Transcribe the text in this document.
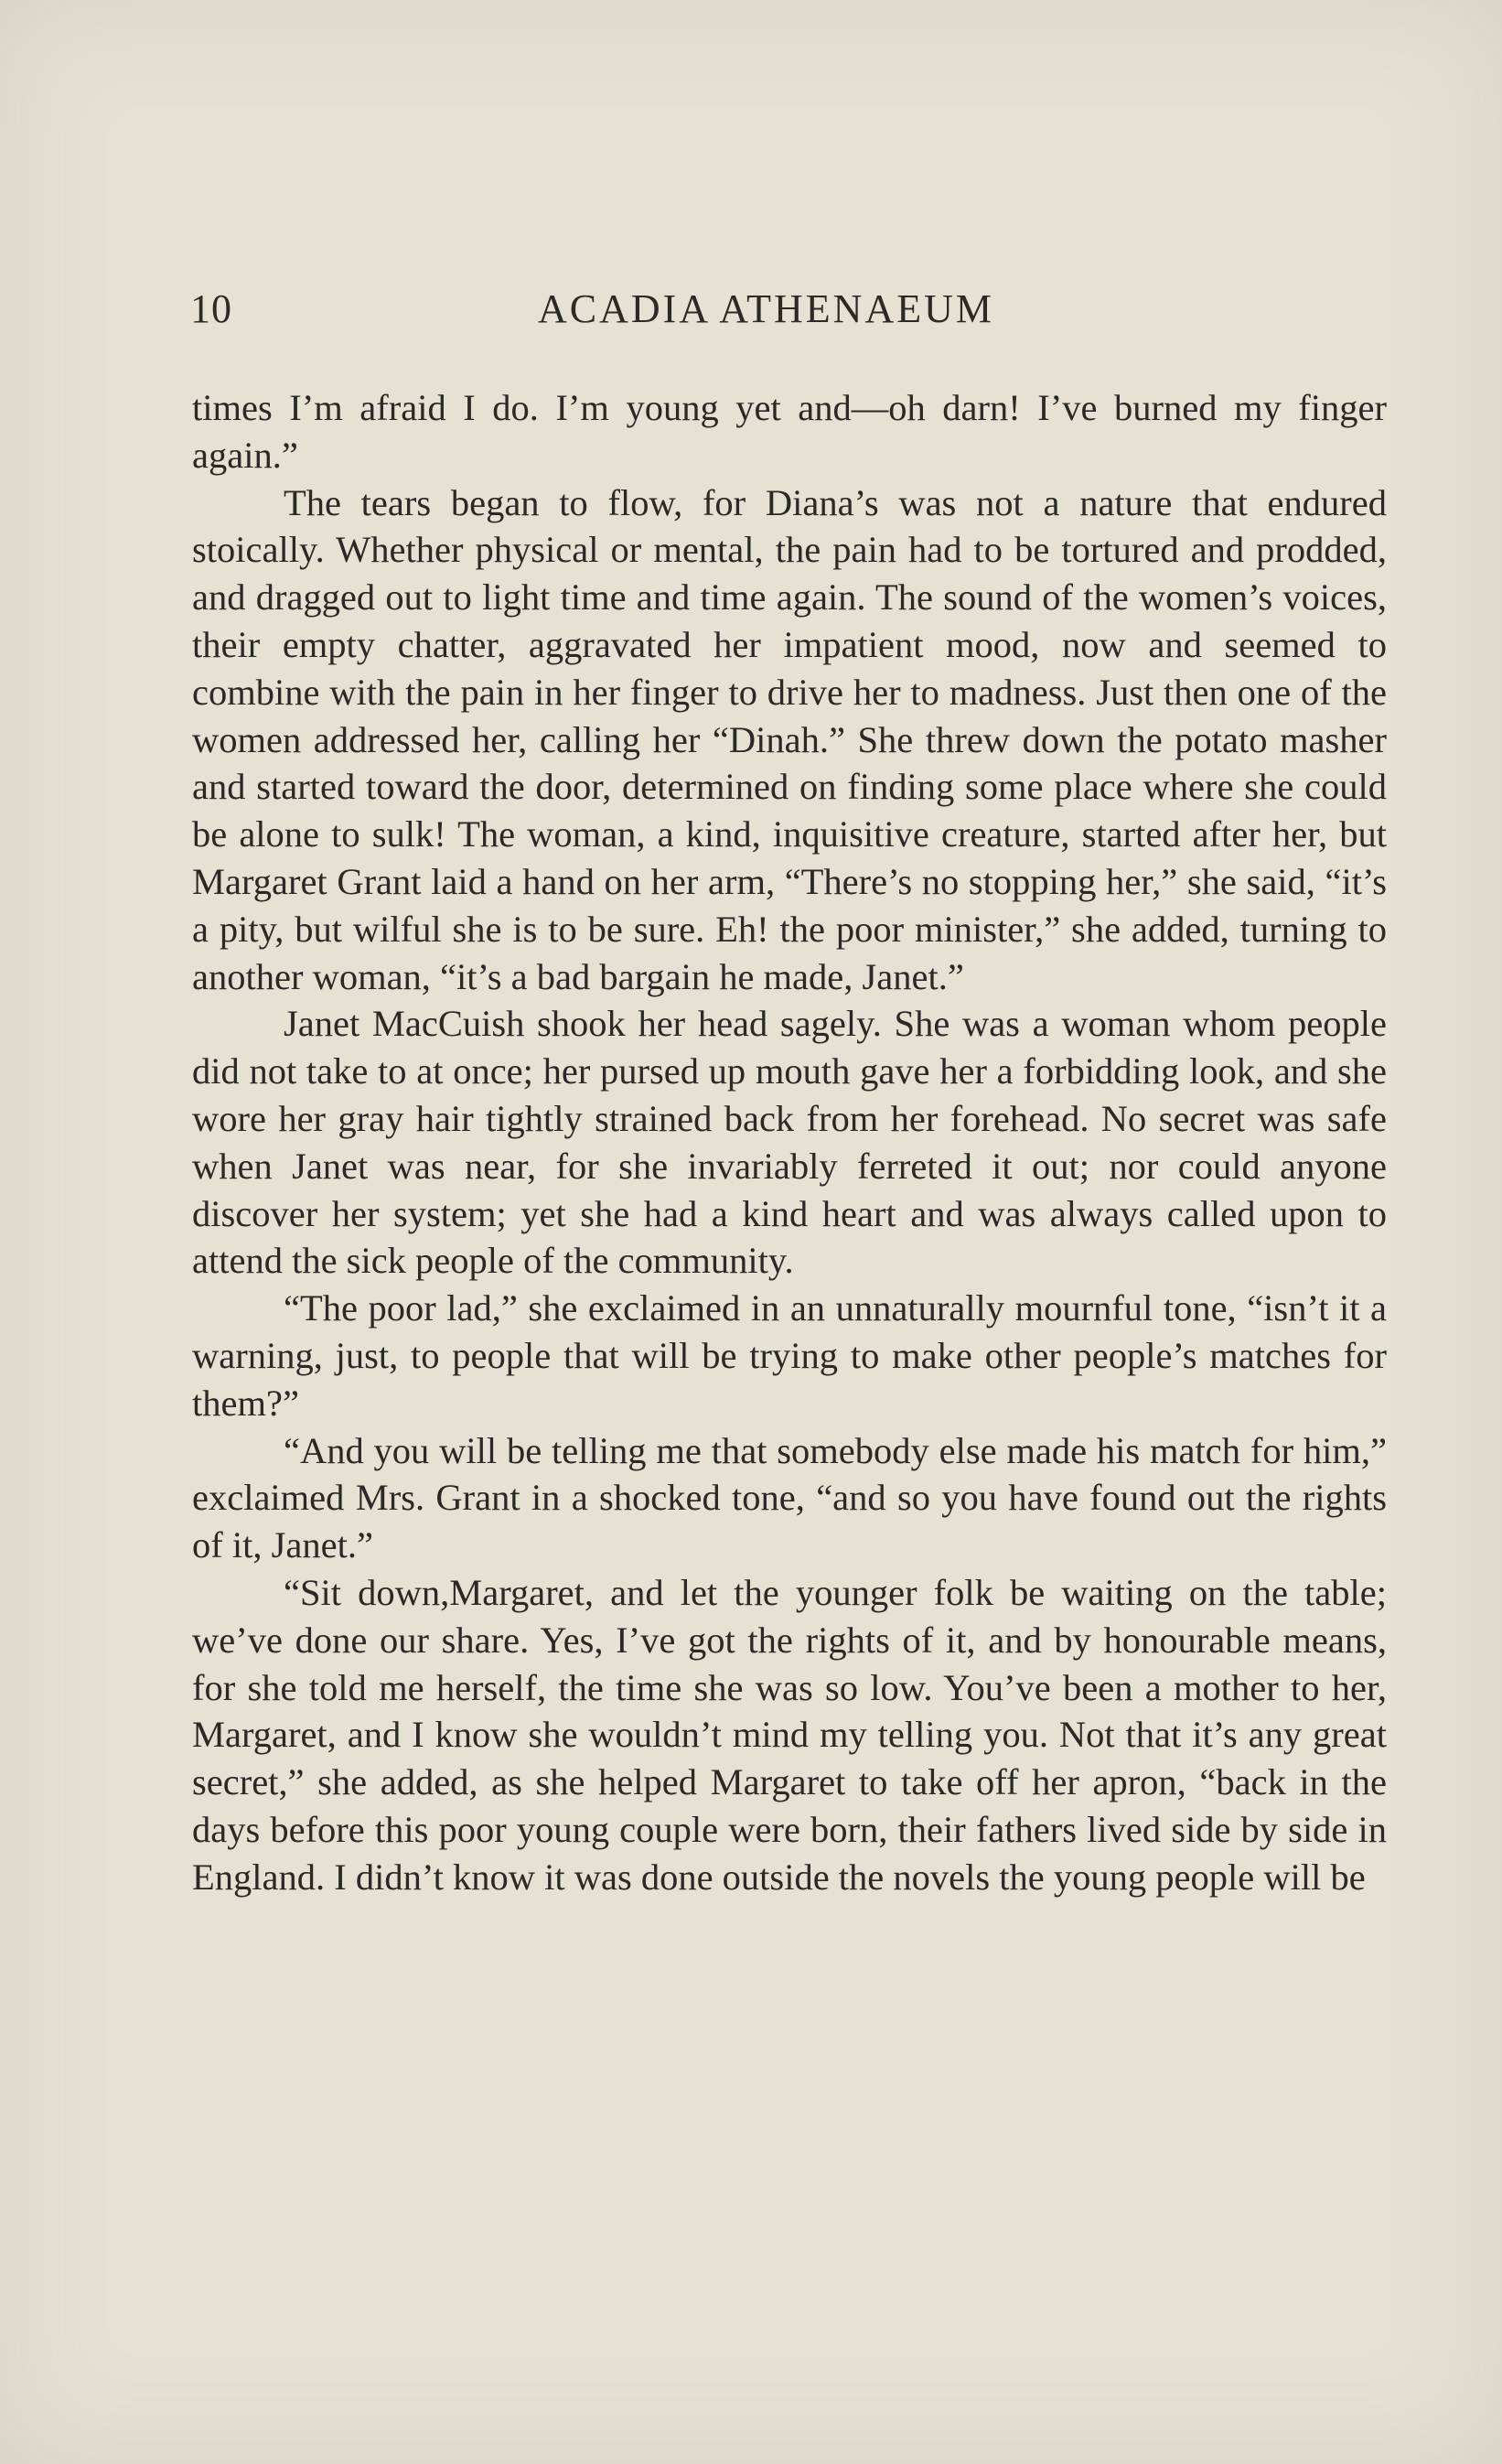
10	ACADIA ATHENAEUM

times I’m afraid I do. I’m young yet and—oh darn! I’ve burned my finger again.”

The tears began to flow, for Diana’s was not a nature that endured stoically. Whether physical or mental, the pain had to be tortured and prodded, and dragged out to light time and time again. The sound of the women’s voices, their empty chatter, aggravated her impatient mood, now and seemed to combine with the pain in her finger to drive her to madness. Just then one of the women addressed her, calling her “Dinah.” She threw down the potato masher and started toward the door, determined on finding some place where she could be alone to sulk! The woman, a kind, inquisitive creature, started after her, but Margaret Grant laid a hand on her arm, “There’s no stopping her,” she said, “it’s a pity, but wilful she is to be sure. Eh! the poor minister,” she added, turning to another woman, “it’s a bad bargain he made, Janet.”

Janet MacCuish shook her head sagely. She was a woman whom people did not take to at once; her pursed up mouth gave her a forbidding look, and she wore her gray hair tightly strained back from her forehead. No secret was safe when Janet was near, for she invariably ferreted it out; nor could anyone discover her system; yet she had a kind heart and was always called upon to attend the sick people of the community.

“The poor lad,” she exclaimed in an unnaturally mournful tone, “isn’t it a warning, just, to people that will be trying to make other people’s matches for them?”

“And you will be telling me that somebody else made his match for him,” exclaimed Mrs. Grant in a shocked tone, “and so you have found out the rights of it, Janet.”

“Sit down,Margaret, and let the younger folk be waiting on the table; we’ve done our share. Yes, I’ve got the rights of it, and by honourable means, for she told me herself, the time she was so low. You’ve been a mother to her, Margaret, and I know she wouldn’t mind my telling you. Not that it’s any great secret,” she added, as she helped Margaret to take off her apron, “back in the days before this poor young couple were born, their fathers lived side by side in England. I didn’t know it was done outside the novels the young people will be
